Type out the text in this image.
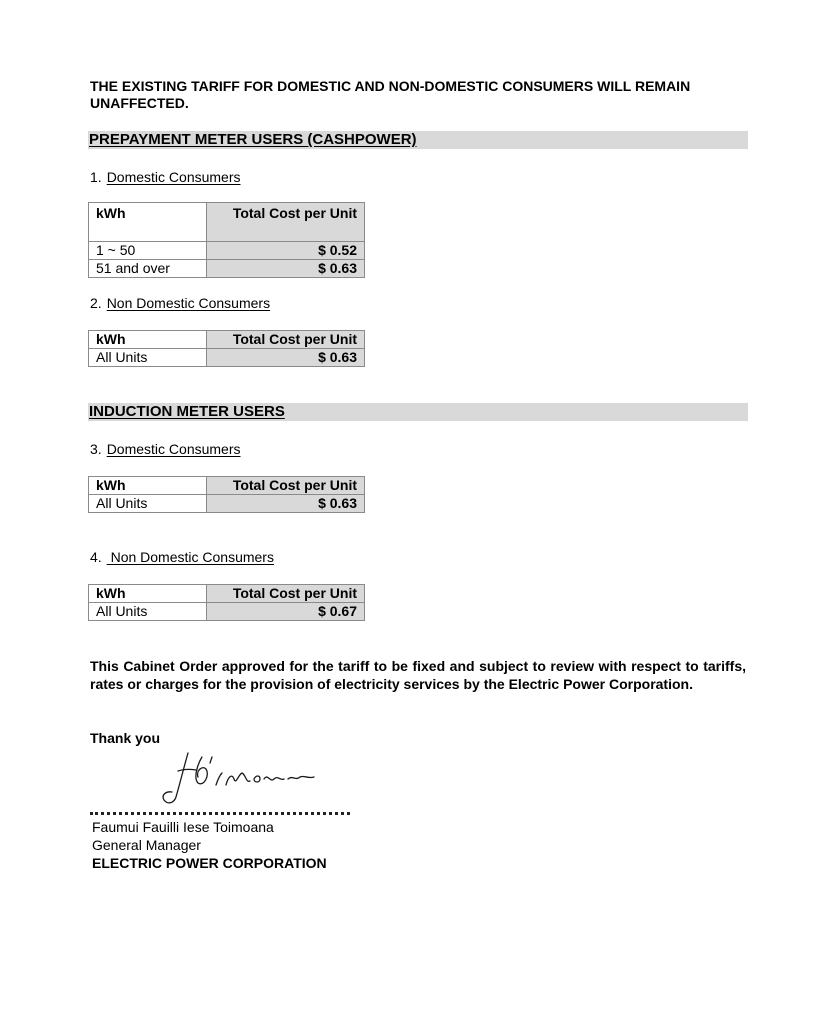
THE EXISTING TARIFF FOR DOMESTIC AND NON-DOMESTIC CONSUMERS WILL REMAIN UNAFFECTED.
PREPAYMENT METER USERS (CASHPOWER)
1. Domestic Consumers
kWh	Total Cost per Unit
1 ~ 50	$ 0.52
51 and over	$ 0.63
2. Non Domestic Consumers
kWh	Total Cost per Unit
All Units	$ 0.63
INDUCTION METER USERS
3. Domestic Consumers
kWh	Total Cost per Unit
All Units	$ 0.63
4. Non Domestic Consumers
kWh	Total Cost per Unit
All Units	$ 0.67
This Cabinet Order approved for the tariff to be fixed and subject to review with respect to tariffs, rates or charges for the provision of electricity services by the Electric Power Corporation.
Thank you
Faumui Fauilli Iese Toimoana
General Manager
ELECTRIC POWER CORPORATION
